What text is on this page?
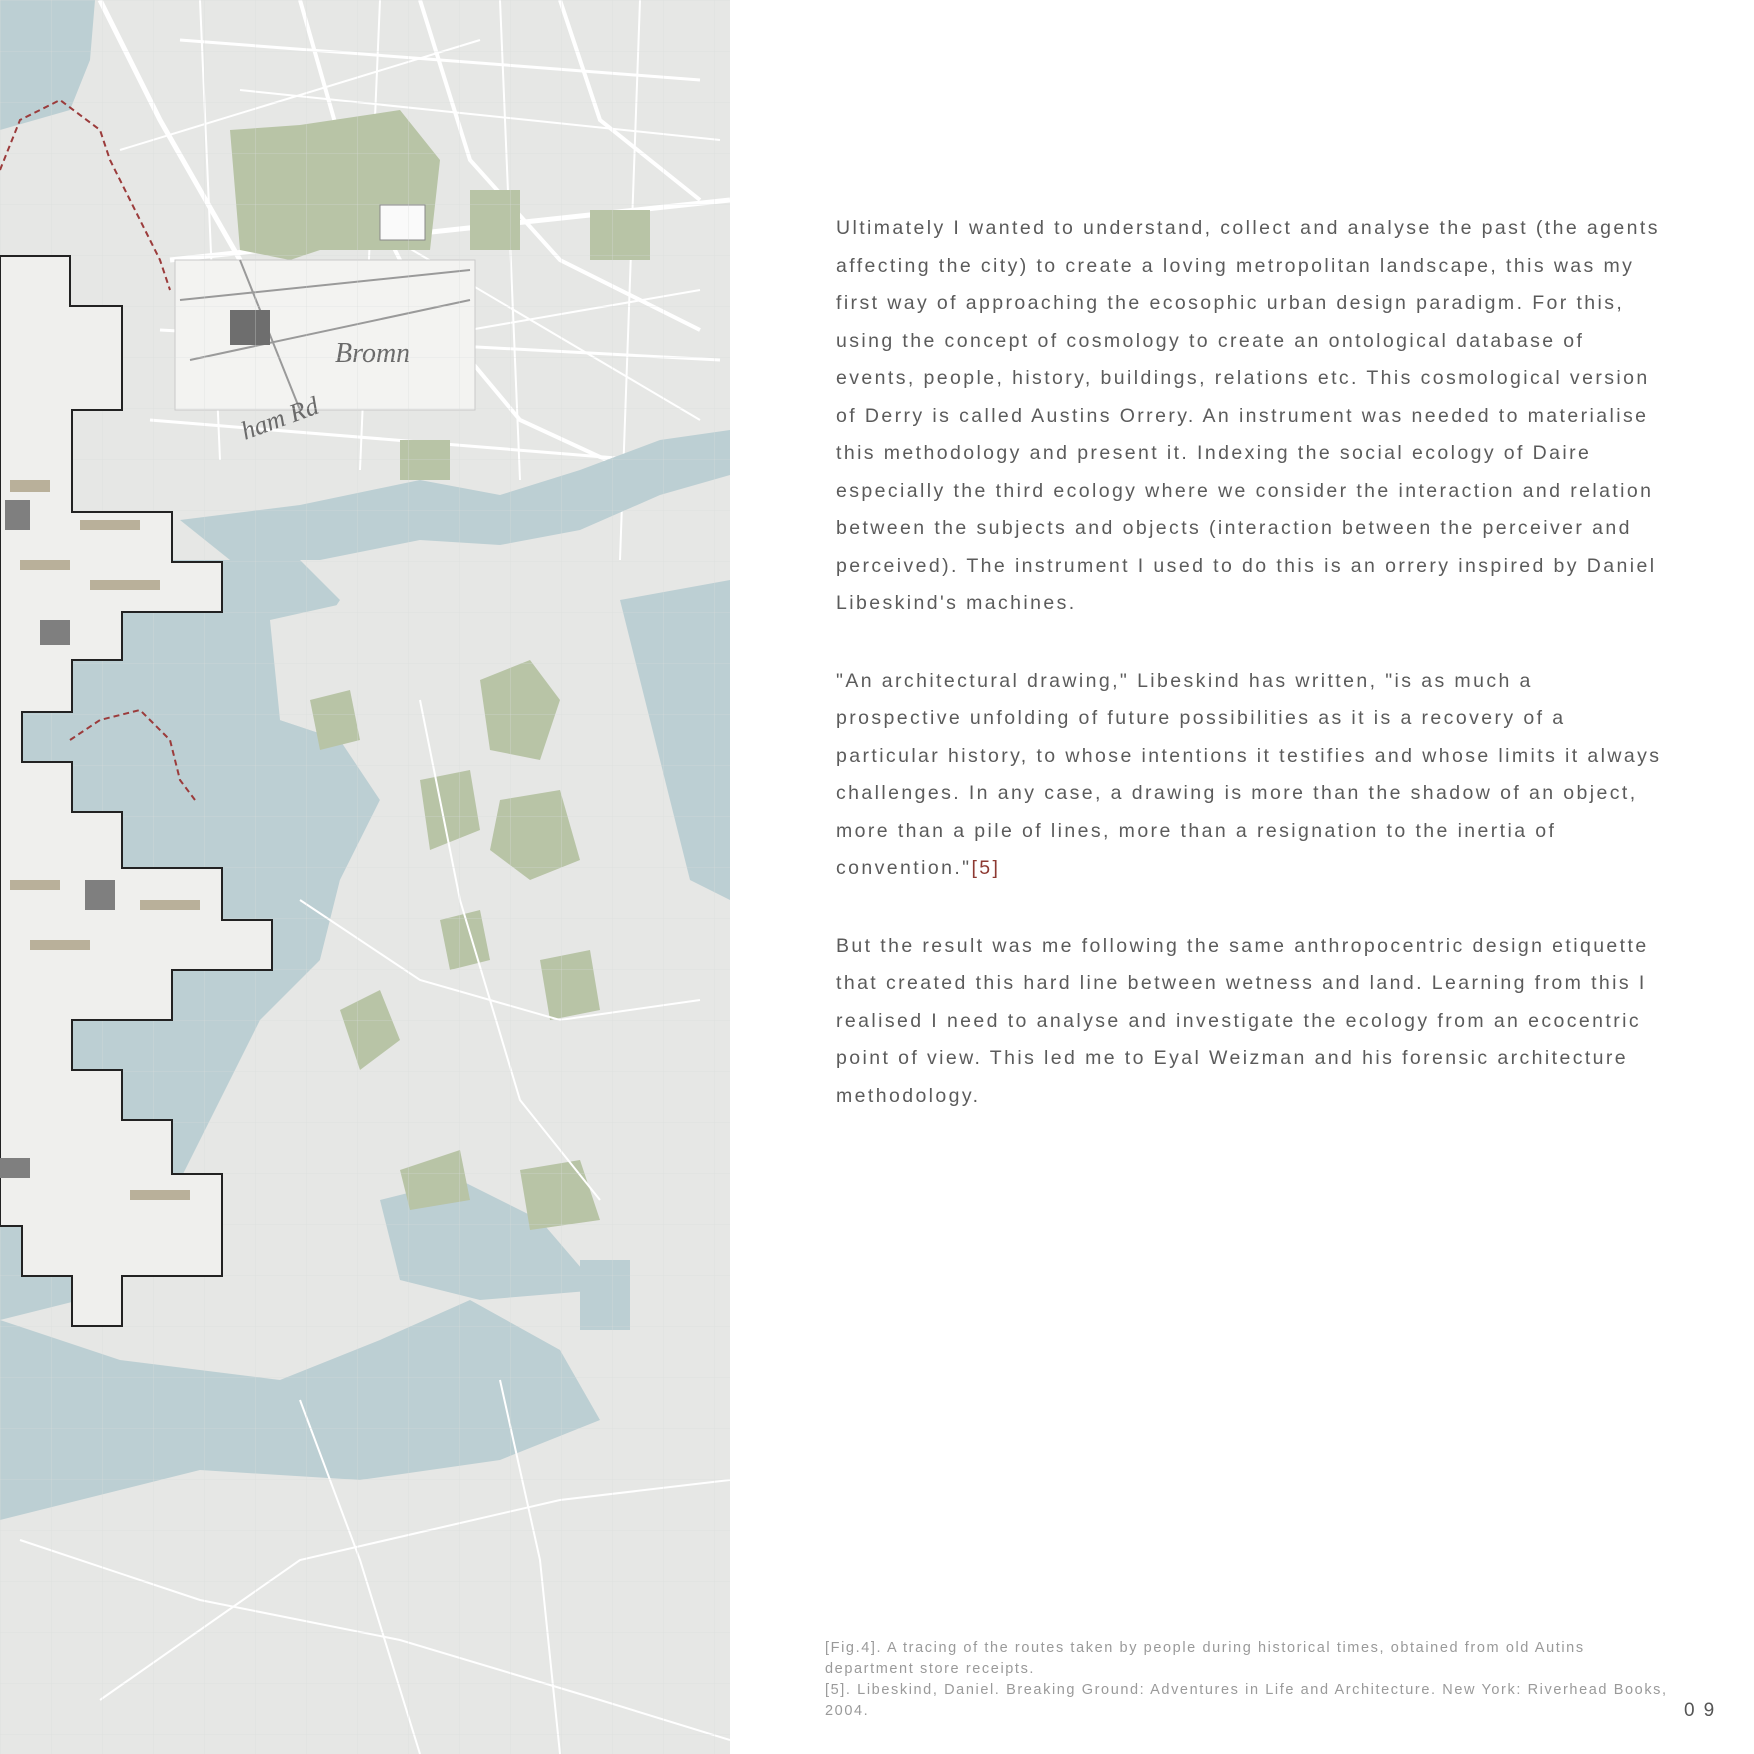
Ultimately I wanted to understand, collect and analyse the past (the agents affecting the city) to create a loving metropolitan landscape, this was my first way of approaching the ecosophic urban design paradigm. For this, using the concept of cosmology to create an ontological database of events, people, history, buildings, relations etc. This cosmological version of Derry is called Austins Orrery. An instrument was needed to materialise this methodology and present it. Indexing the social ecology of Daire especially the third ecology where we consider the interaction and relation between the subjects and objects (interaction between the perceiver and perceived). The instrument I used to do this is an orrery inspired by Daniel Libeskind's machines.

"An architectural drawing," Libeskind has written, "is as much a prospective unfolding of future possibilities as it is a recovery of a particular history, to whose intentions it testifies and whose limits it always challenges. In any case, a drawing is more than the shadow of an object, more than a pile of lines, more than a resignation to the inertia of convention."[5]

But the result was me following the same anthropocentric design etiquette that created this hard line between wetness and land. Learning from this I realised I need to analyse and investigate the ecology from an ecocentric point of view. This led me to Eyal Weizman and his forensic architecture methodology.

[Fig.4]. A tracing of the routes taken by people during historical times, obtained from old Autins department store receipts.

[5]. Libeskind, Daniel. Breaking Ground: Adventures in Life and Architecture. New York: Riverhead Books, 2004.	09
